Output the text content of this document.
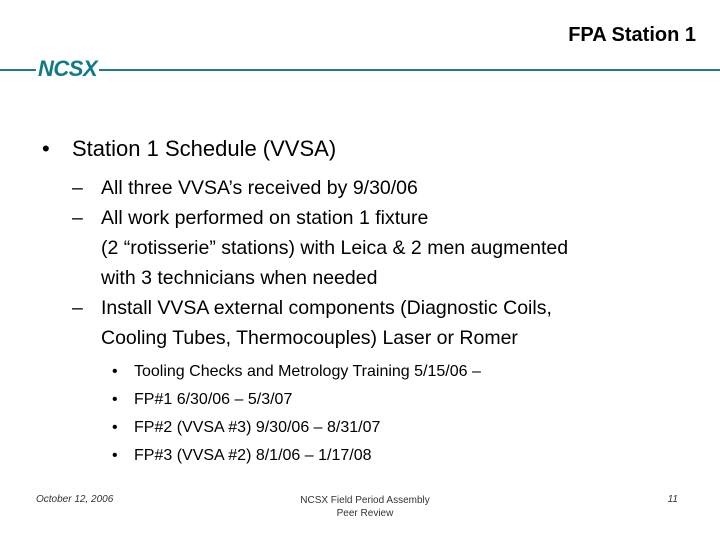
FPA Station 1
NCSX
• Station 1 Schedule (VVSA)
– All three VVSA’s received by 9/30/06
– All work performed on station 1 fixture
(2 “rotisserie” stations) with Leica & 2 men augmented
with 3 technicians when needed
– Install VVSA external components (Diagnostic Coils,
Cooling Tubes, Thermocouples) Laser or Romer
• Tooling Checks and Metrology Training 5/15/06 –
• FP#1 6/30/06 – 5/3/07
• FP#2 (VVSA #3) 9/30/06 – 8/31/07
• FP#3 (VVSA #2) 8/1/06 – 1/17/08
October 12, 2006	NCSX Field Period Assembly
Peer Review
11
